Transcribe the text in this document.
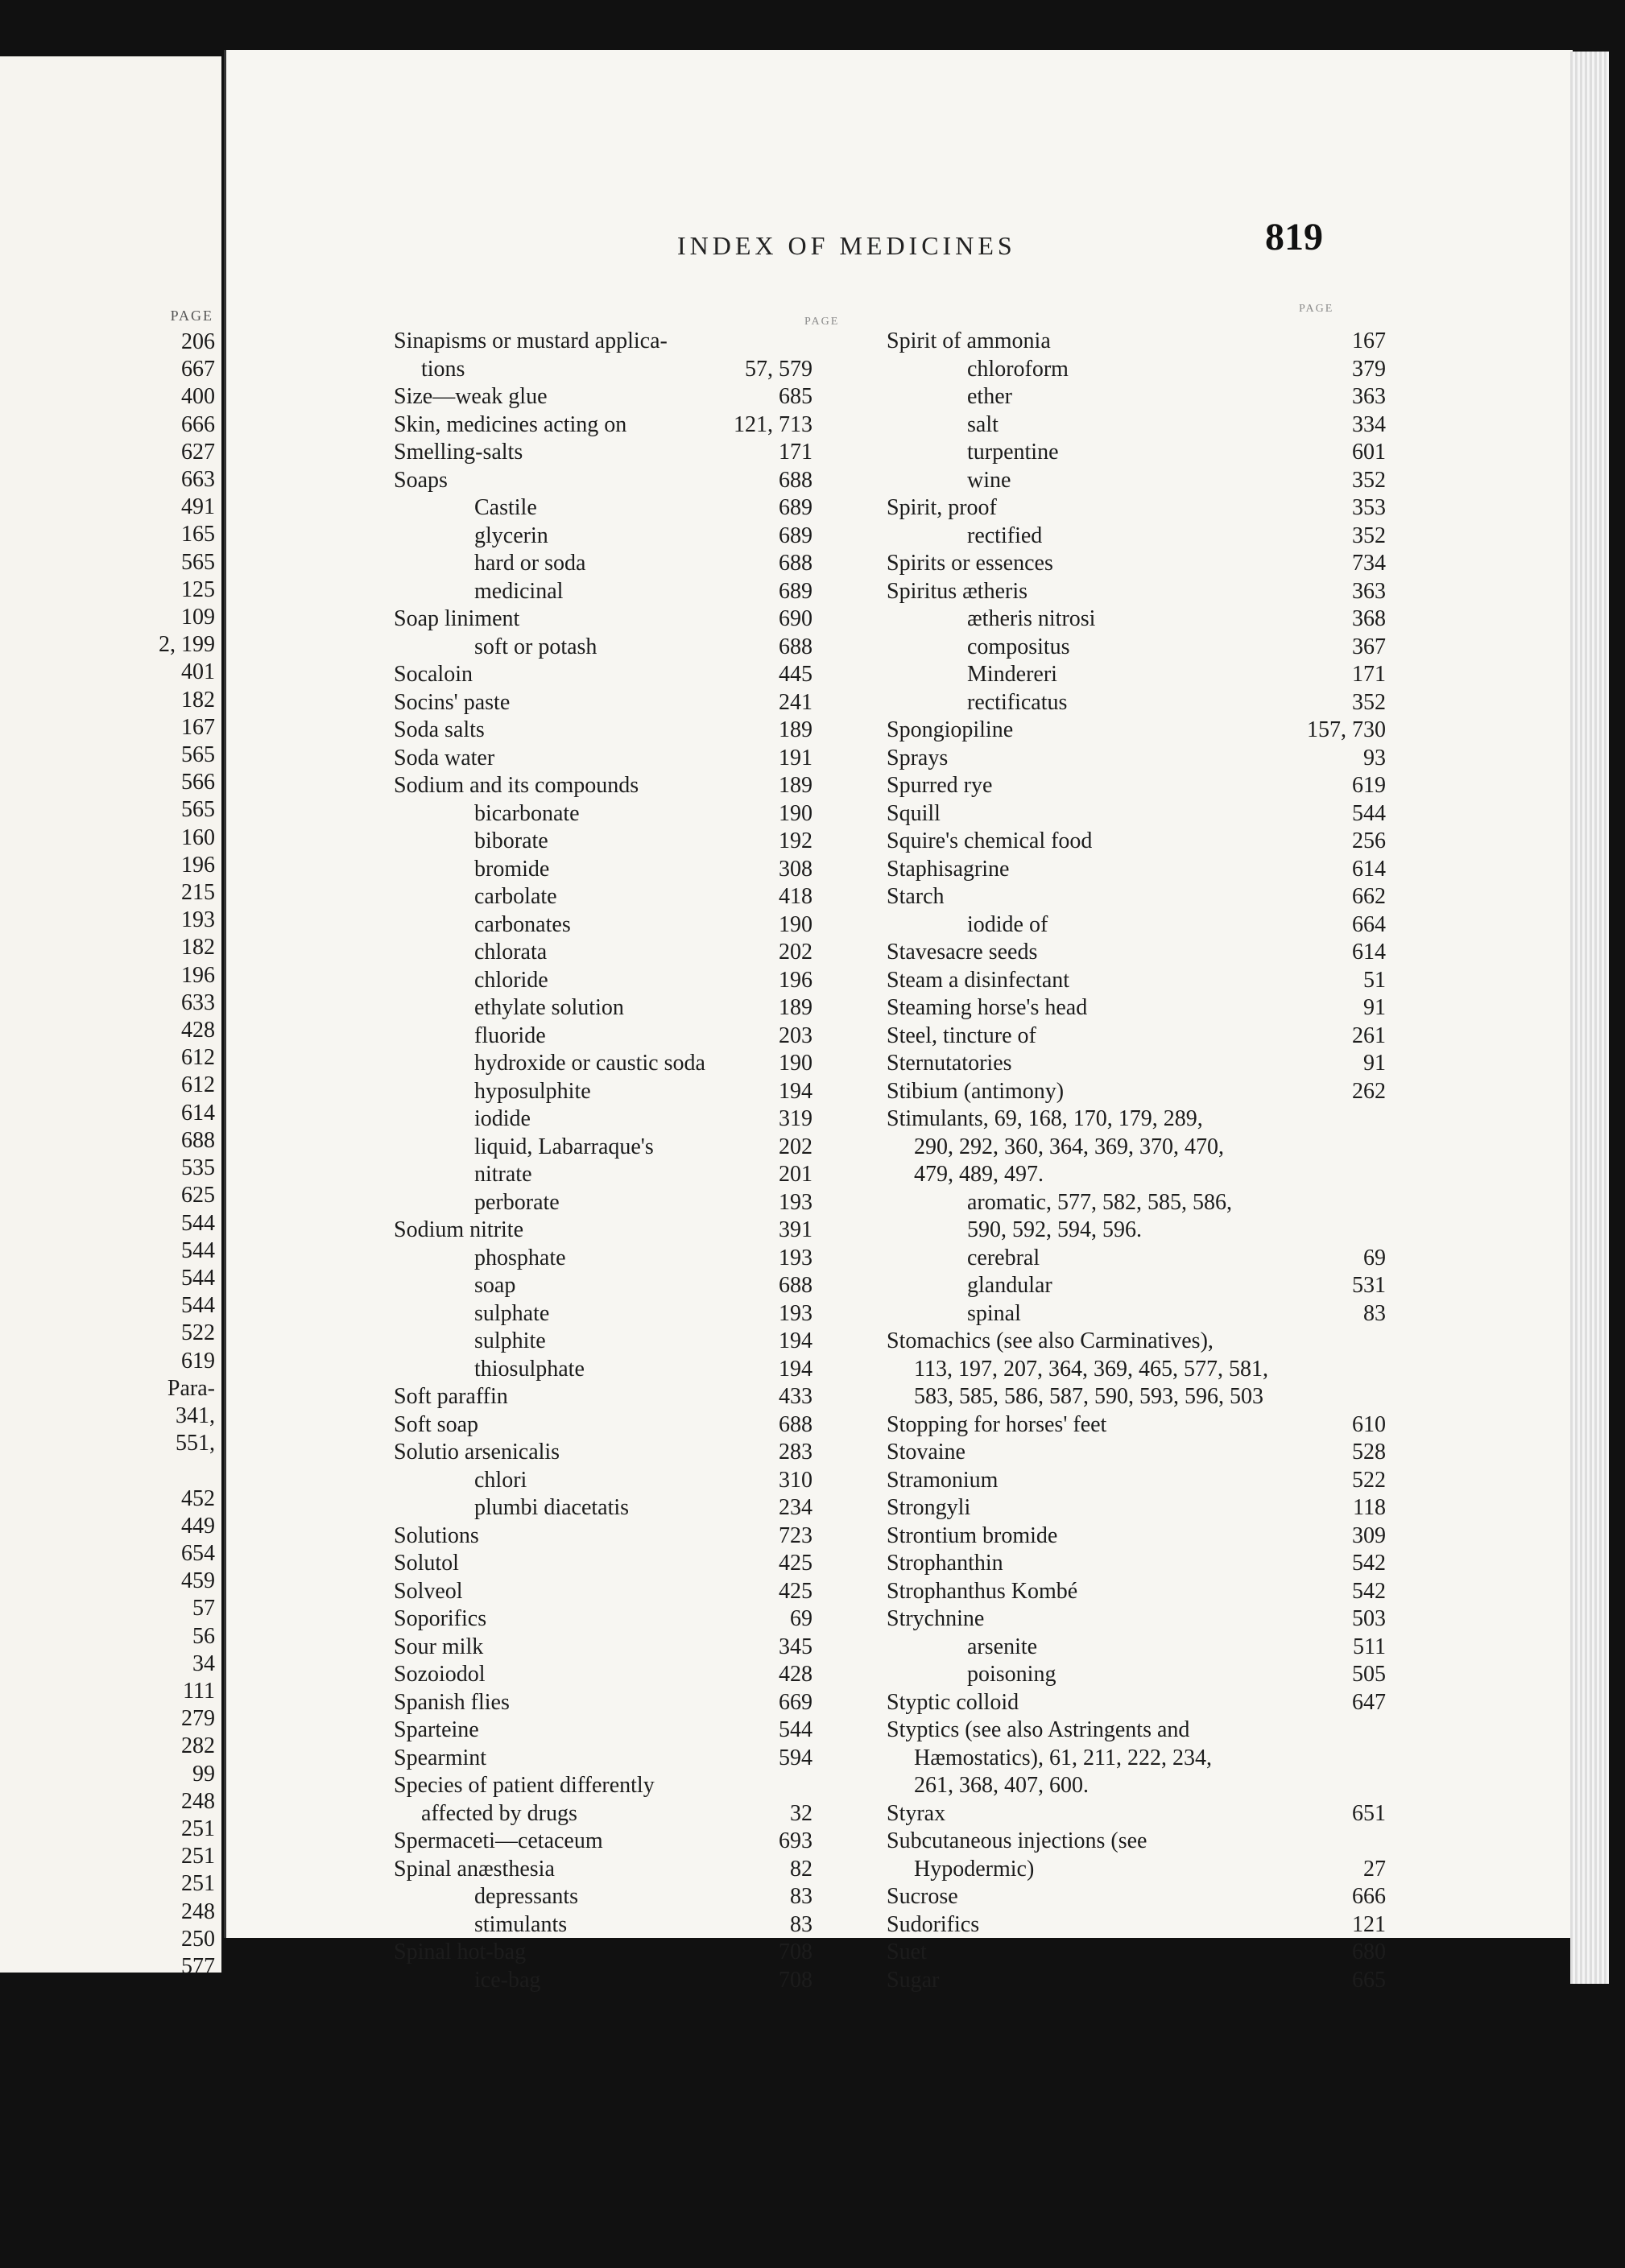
PAGE
206
667
400
666
627
663
491
165
565
125
109
2, 199
401
182
167
565
566
565
160
196
215
193
182
196
633
428
612
612
614
688
535
625
544
544
544
544
522
619
Para-
341,
551,

452
449
654
459
57
56
34
111
279
282
99
248
251
251
251
248
250
577
INDEX OF MEDICINES	819
PAGE
PAGE
Sinapisms or mustard applica-
tions	57, 579
Size—weak glue	685
Skin, medicines acting on	121, 713
Smelling-salts	171
Soaps	688
Castile	689
glycerin	689
hard or soda	688
medicinal	689
Soap liniment	690
soft or potash	688
Socaloin	445
Socins' paste	241
Soda salts	189
Soda water	191
Sodium and its compounds	189
bicarbonate	190
biborate	192
bromide	308
carbolate	418
carbonates	190
chlorata	202
chloride	196
ethylate solution	189
fluoride	203
hydroxide or caustic soda	190
hyposulphite	194
iodide	319
liquid, Labarraque's	202
nitrate	201
perborate	193
Sodium nitrite	391
phosphate	193
soap	688
sulphate	193
sulphite	194
thiosulphate	194
Soft paraffin	433
Soft soap	688
Solutio arsenicalis	283
chlori	310
plumbi diacetatis	234
Solutions	723
Solutol	425
Solveol	425
Soporifics	69
Sour milk	345
Sozoiodol	428
Spanish flies	669
Sparteine	544
Spearmint	594
Species of patient differently
affected by drugs	32
Spermaceti—cetaceum	693
Spinal anæsthesia	82
depressants	83
stimulants	83
Spinal hot-bag	708
ice-bag	708
Spirit of ammonia	167
chloroform	379
ether	363
salt	334
turpentine	601
wine	352
Spirit, proof	353
rectified	352
Spirits or essences	734
Spiritus ætheris	363
ætheris nitrosi	368
compositus	367
Mindereri	171
rectificatus	352
Spongiopiline	157, 730
Sprays	93
Spurred rye	619
Squill	544
Squire's chemical food	256
Staphisagrine	614
Starch	662
iodide of	664
Stavesacre seeds	614
Steam a disinfectant	51
Steaming horse's head	91
Steel, tincture of	261
Sternutatories	91
Stibium (antimony)	262
Stimulants, 69, 168, 170, 179, 289,
290, 292, 360, 364, 369, 370, 470,
479, 489, 497.
aromatic, 577, 582, 585, 586,
590, 592, 594, 596.
cerebral	69
glandular	531
spinal	83
Stomachics (see also Carminatives),
113, 197, 207, 364, 369, 465, 577, 581,
583, 585, 586, 587, 590, 593, 596, 503
Stopping for horses' feet	610
Stovaine	528
Stramonium	522
Strongyli	118
Strontium bromide	309
Strophanthin	542
Strophanthus Kombé	542
Strychnine	503
arsenite	511
poisoning	505
Styptic colloid	647
Styptics (see also Astringents and
Hæmostatics), 61, 211, 222, 234,
261, 368, 407, 600.
Styrax	651
Subcutaneous injections (see
Hypodermic)	27
Sucrose	666
Sudorifics	121
Suet	680
Sugar	665
